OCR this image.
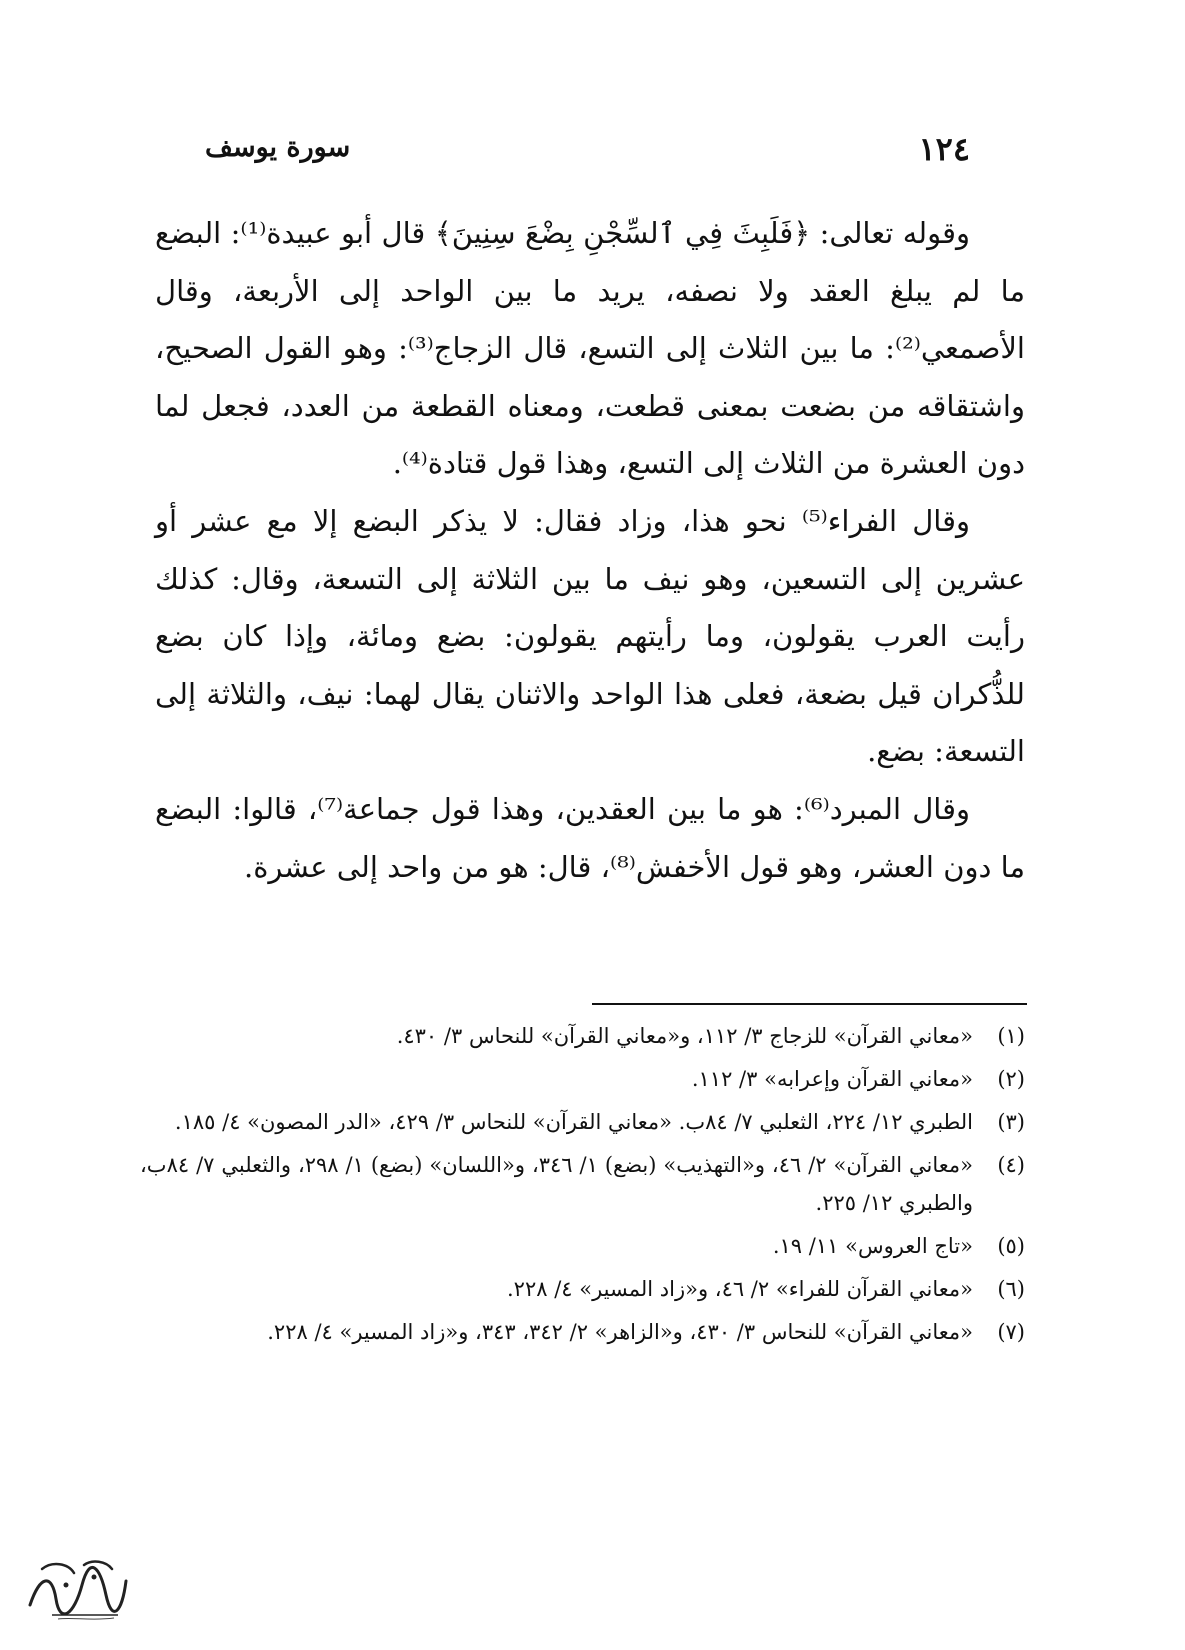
١٢٤
سورة يوسف

وقوله تعالى: ﴿فَلَبِثَ فِي ٱلسِّجْنِ بِضْعَ سِنِينَ﴾ قال أبو عبيدة⁽¹⁾: البضع ما لم يبلغ العقد ولا نصفه، يريد ما بين الواحد إلى الأربعة، وقال الأصمعي⁽²⁾: ما بين الثلاث إلى التسع، قال الزجاج⁽³⁾: وهو القول الصحيح، واشتقاقه من بضعت بمعنى قطعت، ومعناه القطعة من العدد، فجعل لما دون العشرة من الثلاث إلى التسع، وهذا قول قتادة⁽⁴⁾.

وقال الفراء⁽⁵⁾ نحو هذا، وزاد فقال: لا يذكر البضع إلا مع عشر أو عشرين إلى التسعين، وهو نيف ما بين الثلاثة إلى التسعة، وقال: كذلك رأيت العرب يقولون، وما رأيتهم يقولون: بضع ومائة، وإذا كان بضع للذُّكران قيل بضعة، فعلى هذا الواحد والاثنان يقال لهما: نيف، والثلاثة إلى التسعة: بضع.

وقال المبرد⁽⁶⁾: هو ما بين العقدين، وهذا قول جماعة⁽⁷⁾، قالوا: البضع ما دون العشر، وهو قول الأخفش⁽⁸⁾، قال: هو من واحد إلى عشرة.

(١)
«معاني القرآن» للزجاج ٣/ ١١٢، و«معاني القرآن» للنحاس ٣/ ٤٣٠.
(٢)
«معاني القرآن وإعرابه» ٣/ ١١٢.
(٣)
الطبري ١٢/ ٢٢٤، الثعلبي ٧/ ٨٤ب. «معاني القرآن» للنحاس ٣/ ٤٢٩، «الدر المصون» ٤/ ١٨٥.
(٤)
«معاني القرآن» ٢/ ٤٦، و«التهذيب» (بضع) ١/ ٣٤٦، و«اللسان» (بضع) ١/ ٢٩٨، والثعلبي ٧/ ٨٤ب، والطبري ١٢/ ٢٢٥.
(٥)
«تاج العروس» ١١/ ١٩.
(٦)
«معاني القرآن للفراء» ٢/ ٤٦، و«زاد المسير» ٤/ ٢٢٨.
(٧)
«معاني القرآن» للنحاس ٣/ ٤٣٠، و«الزاهر» ٢/ ٣٤٢، ٣٤٣، و«زاد المسير» ٤/ ٢٢٨.
